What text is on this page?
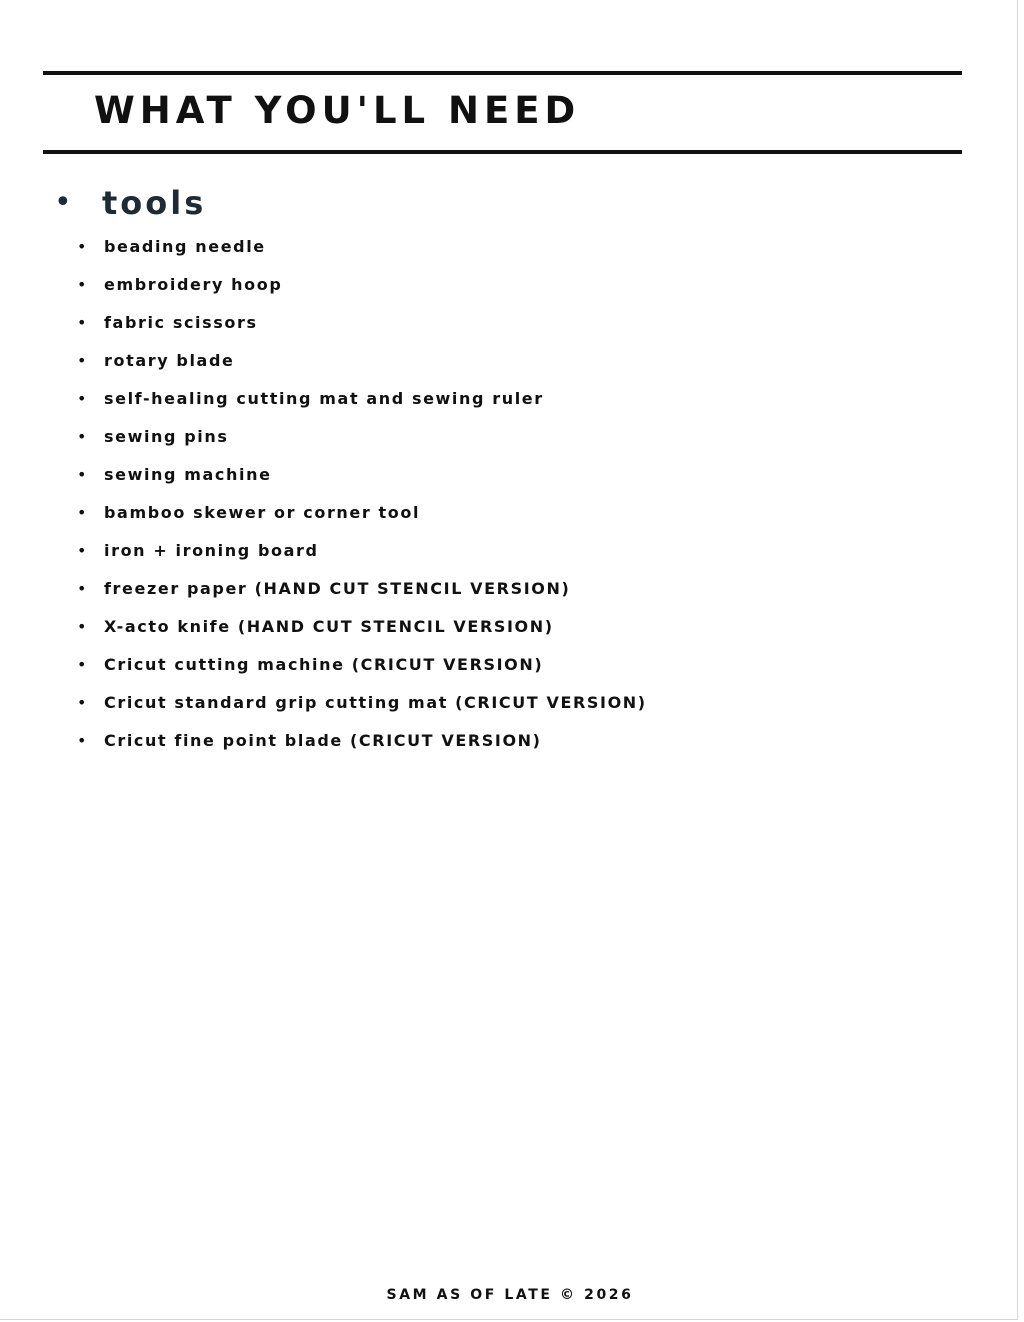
WHAT YOU'LL NEED
• tools
• beading needle
• embroidery hoop
• fabric scissors
• rotary blade
• self-healing cutting mat and sewing ruler
• sewing pins
• sewing machine
• bamboo skewer or corner tool
• iron + ironing board
• freezer paper (HAND CUT STENCIL VERSION)
• X-acto knife (HAND CUT STENCIL VERSION)
• Cricut cutting machine (CRICUT VERSION)
• Cricut standard grip cutting mat (CRICUT VERSION)
• Cricut fine point blade (CRICUT VERSION)
SAM AS OF LATE © 2026
